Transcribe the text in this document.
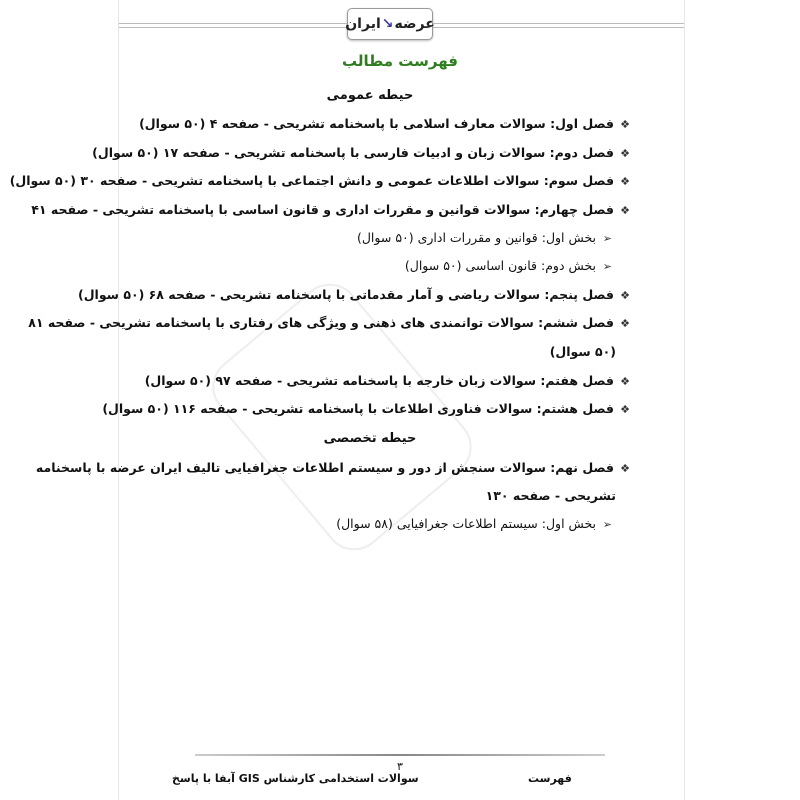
ایران ↘ عرضه
فهرست مطالب
حیطه عمومی
❖فصل اول: سوالات معارف اسلامی با پاسخنامه تشریحی - صفحه ۴ (۵۰ سوال)
❖فصل دوم: سوالات زبان و ادبیات فارسی با پاسخنامه تشریحی - صفحه ۱۷ (۵۰ سوال)
❖فصل سوم: سوالات اطلاعات عمومی و دانش اجتماعی با پاسخنامه تشریحی - صفحه ۳۰ (۵۰ سوال)
❖فصل چهارم: سوالات قوانین و مقررات اداری و قانون اساسی با پاسخنامه تشریحی - صفحه ۴۱
➢بخش اول: قوانین و مقررات اداری (۵۰ سوال)
➢بخش دوم: قانون اساسی (۵۰ سوال)
❖فصل پنجم: سوالات ریاضی و آمار مقدماتی با پاسخنامه تشریحی - صفحه ۶۸ (۵۰ سوال)
❖فصل ششم: سوالات توانمندی های ذهنی و ویژگی های رفتاری با پاسخنامه تشریحی - صفحه ۸۱
(۵۰ سوال)
❖فصل هفتم: سوالات زبان خارجه با پاسخنامه تشریحی - صفحه ۹۷ (۵۰ سوال)
❖فصل هشتم: سوالات فناوری اطلاعات با پاسخنامه تشریحی - صفحه ۱۱۶ (۵۰ سوال)
حیطه تخصصی
❖فصل نهم: سوالات سنجش از دور و سیستم اطلاعات جغرافیایی تالیف ایران عرضه با پاسخنامه
تشریحی - صفحه ۱۳۰
➢بخش اول: سیستم اطلاعات جغرافیایی (۵۸ سوال)
۳
سوالات استخدامی کارشناس GIS آبفا با پاسخ	فهرست
